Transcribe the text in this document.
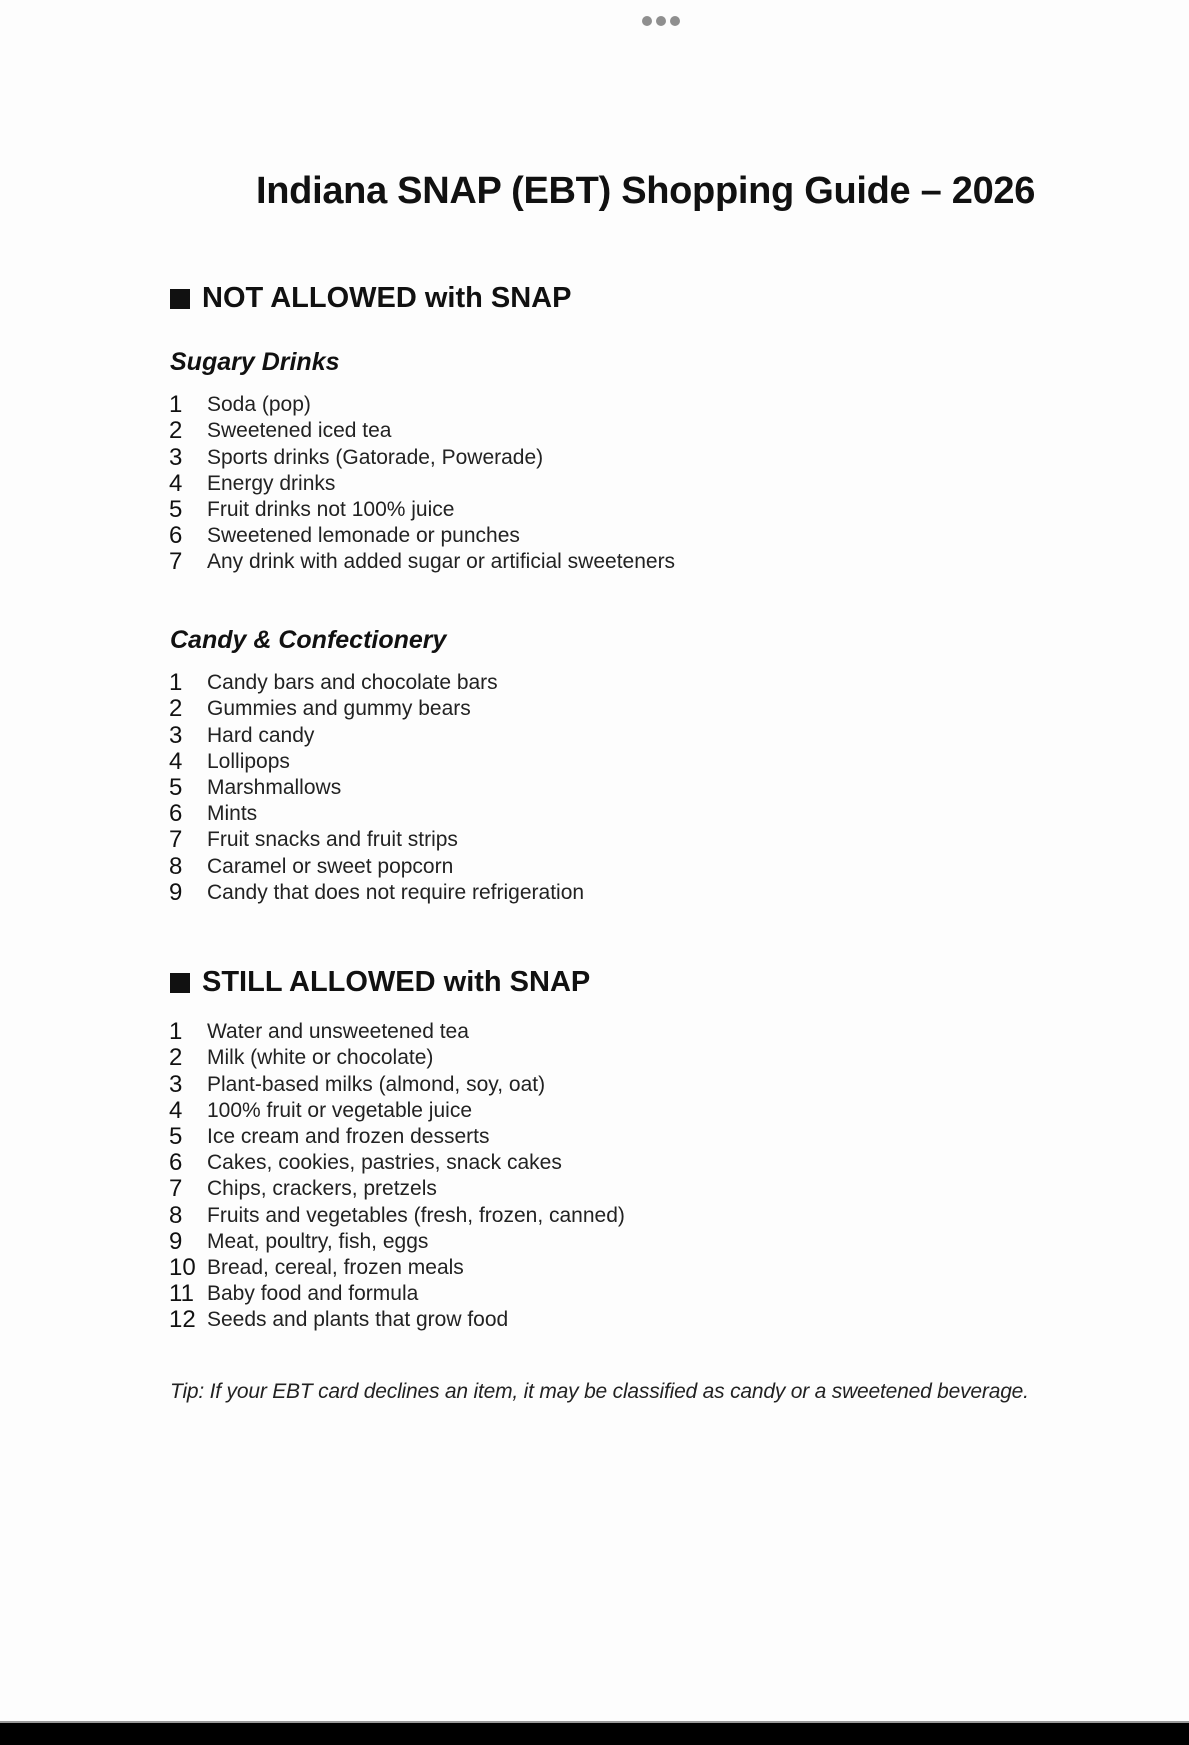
Indiana SNAP (EBT) Shopping Guide – 2026
NOT ALLOWED with SNAP
Sugary Drinks
1	Soda (pop)
2	Sweetened iced tea
3	Sports drinks (Gatorade, Powerade)
4	Energy drinks
5	Fruit drinks not 100% juice
6	Sweetened lemonade or punches
7	Any drink with added sugar or artificial sweeteners
Candy & Confectionery
1	Candy bars and chocolate bars
2	Gummies and gummy bears
3	Hard candy
4	Lollipops
5	Marshmallows
6	Mints
7	Fruit snacks and fruit strips
8	Caramel or sweet popcorn
9	Candy that does not require refrigeration
STILL ALLOWED with SNAP
1	Water and unsweetened tea
2	Milk (white or chocolate)
3	Plant-based milks (almond, soy, oat)
4	100% fruit or vegetable juice
5	Ice cream and frozen desserts
6	Cakes, cookies, pastries, snack cakes
7	Chips, crackers, pretzels
8	Fruits and vegetables (fresh, frozen, canned)
9	Meat, poultry, fish, eggs
10 Bread, cereal, frozen meals
11 Baby food and formula
12 Seeds and plants that grow food
Tip: If your EBT card declines an item, it may be classified as candy or a sweetened beverage.
